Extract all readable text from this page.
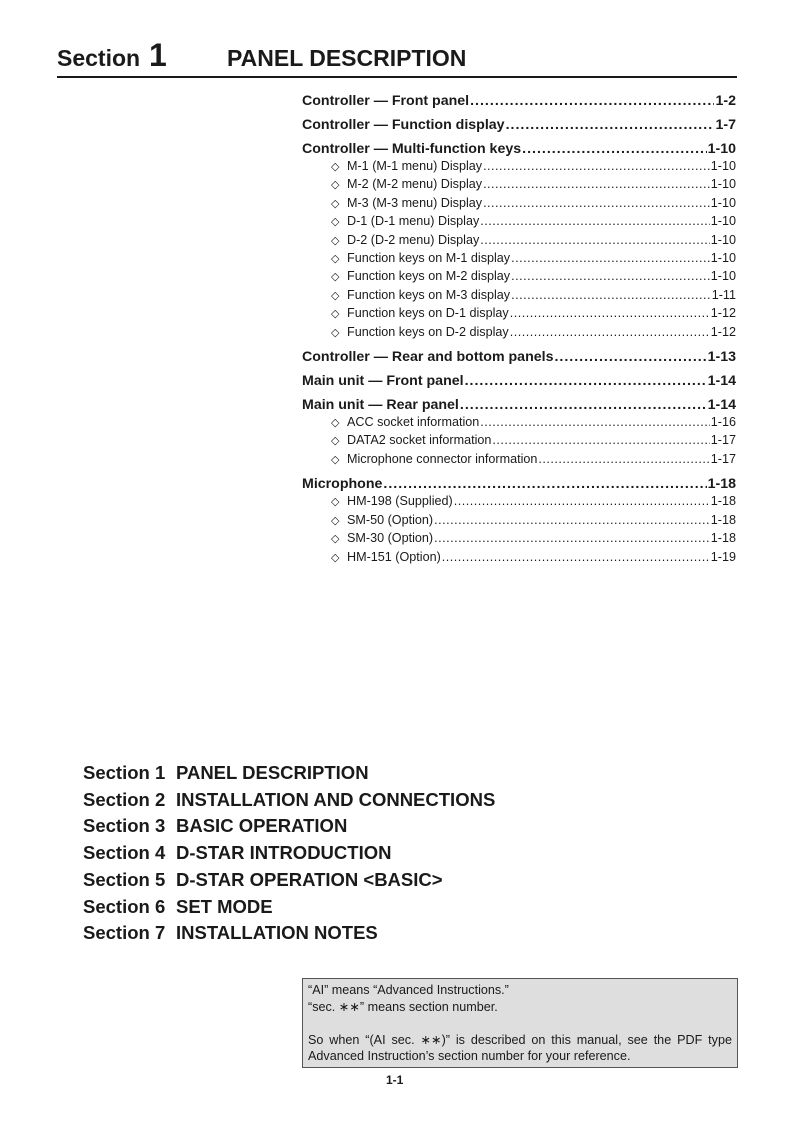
Section 1	PANEL DESCRIPTION
Controller — Front panel .....	1-2
Controller — Function display .....	1-7
Controller — Multi-function keys .....	1-10
◇ M-1 (M-1 menu) Display .....	1-10
◇ M-2 (M-2 menu) Display .....	1-10
◇ M-3 (M-3 menu) Display .....	1-10
◇ D-1 (D-1 menu) Display .....	1-10
◇ D-2 (D-2 menu) Display .....	1-10
◇ Function keys on M-1 display .....	1-10
◇ Function keys on M-2 display .....	1-10
◇ Function keys on M-3 display .....	1-11
◇ Function keys on D-1 display .....	1-12
◇ Function keys on D-2 display .....	1-12
Controller — Rear and bottom panels .....	1-13
Main unit — Front panel .....	1-14
Main unit — Rear panel .....	1-14
◇ ACC socket information .....	1-16
◇ DATA2 socket information .....	1-17
◇ Microphone connector information .....	1-17
Microphone .....	1-18
◇ HM-198 (Supplied) .....	1-18
◇ SM-50 (Option) .....	1-18
◇ SM-30 (Option) .....	1-18
◇ HM-151 (Option) .....	1-19
Section 1 PANEL DESCRIPTION
Section 2 INSTALLATION AND CONNECTIONS
Section 3 BASIC OPERATION
Section 4 D-STAR INTRODUCTION
Section 5 D-STAR OPERATION <BASIC>
Section 6 SET MODE
Section 7 INSTALLATION NOTES
“AI” means “Advanced Instructions.”
“sec. ∗∗” means section number.
So when “(AI sec. ∗∗)” is described on this manual, see the PDF type
Advanced Instruction’s section number for your reference.
1-1
